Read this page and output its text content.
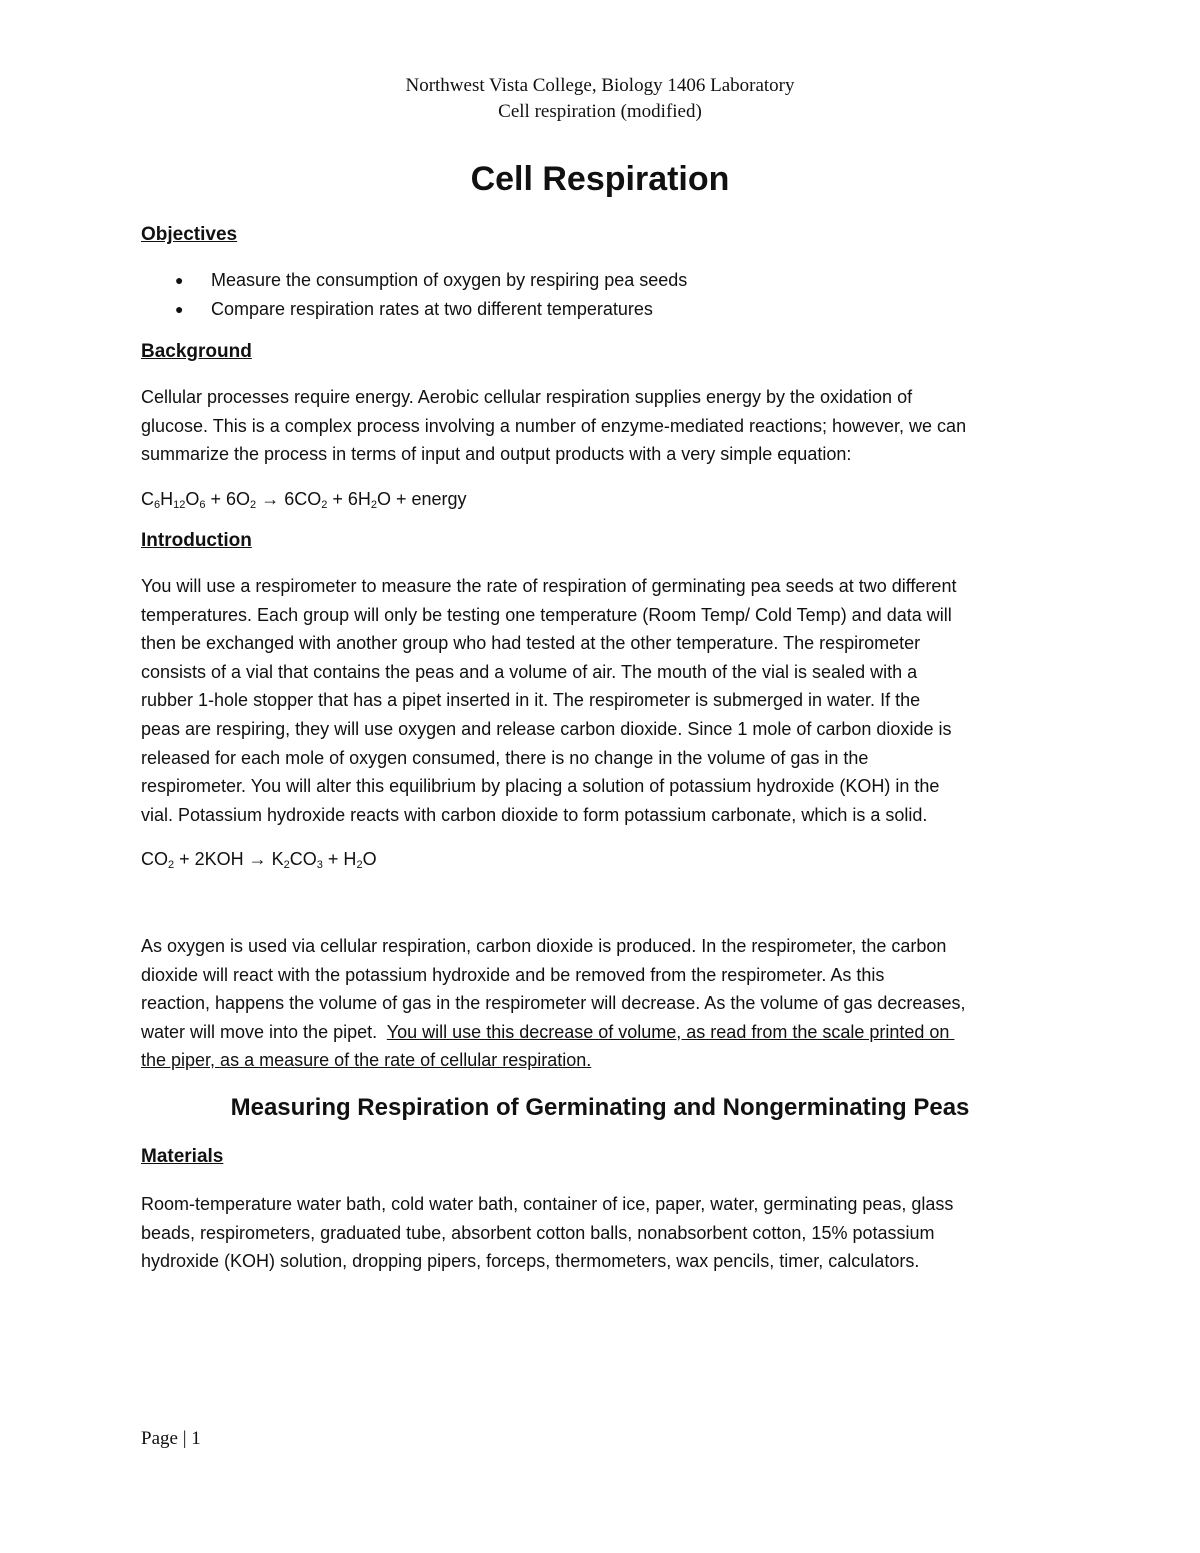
Northwest Vista College, Biology 1406 Laboratory
Cell respiration (modified)
Cell Respiration
Objectives
● Measure the consumption of oxygen by respiring pea seeds
● Compare respiration rates at two different temperatures
Background
Cellular processes require energy. Aerobic cellular respiration supplies energy by the oxidation of
glucose. This is a complex process involving a number of enzyme-mediated reactions; however, we can
summarize the process in terms of input and output products with a very simple equation:
$C_6H_{12}O_6 + 6O_2 \to 6CO_2 + 6H_2O$ + energy
Introduction
You will use a respirometer to measure the rate of respiration of germinating pea seeds at two different
temperatures. Each group will only be testing one temperature (Room Temp/ Cold Temp) and data will
then be exchanged with another group who had tested at the other temperature. The respirometer
consists of a vial that contains the peas and a volume of air. The mouth of the vial is sealed with a
rubber 1-hole stopper that has a pipet inserted in it. The respirometer is submerged in water. If the
peas are respiring, they will use oxygen and release carbon dioxide. Since 1 mole of carbon dioxide is
released for each mole of oxygen consumed, there is no change in the volume of gas in the
respirometer. You will alter this equilibrium by placing a solution of potassium hydroxide (KOH) in the
vial. Potassium hydroxide reacts with carbon dioxide to form potassium carbonate, which is a solid.
$CO_2 + 2KOH \to K_2CO_3 + H_2O$
As oxygen is used via cellular respiration, carbon dioxide is produced. In the respirometer, the carbon
dioxide will react with the potassium hydroxide and be removed from the respirometer. As this
reaction, happens the volume of gas in the respirometer will decrease. As the volume of gas decreases,
water will move into the pipet.  You will use this decrease of volume, as read from the scale printed on
the piper, as a measure of the rate of cellular respiration.
Measuring Respiration of Germinating and Nongerminating Peas
Materials
Room-temperature water bath, cold water bath, container of ice, paper, water, germinating peas, glass
beads, respirometers, graduated tube, absorbent cotton balls, nonabsorbent cotton, 15% potassium
hydroxide (KOH) solution, dropping pipers, forceps, thermometers, wax pencils, timer, calculators.
Page | 1
